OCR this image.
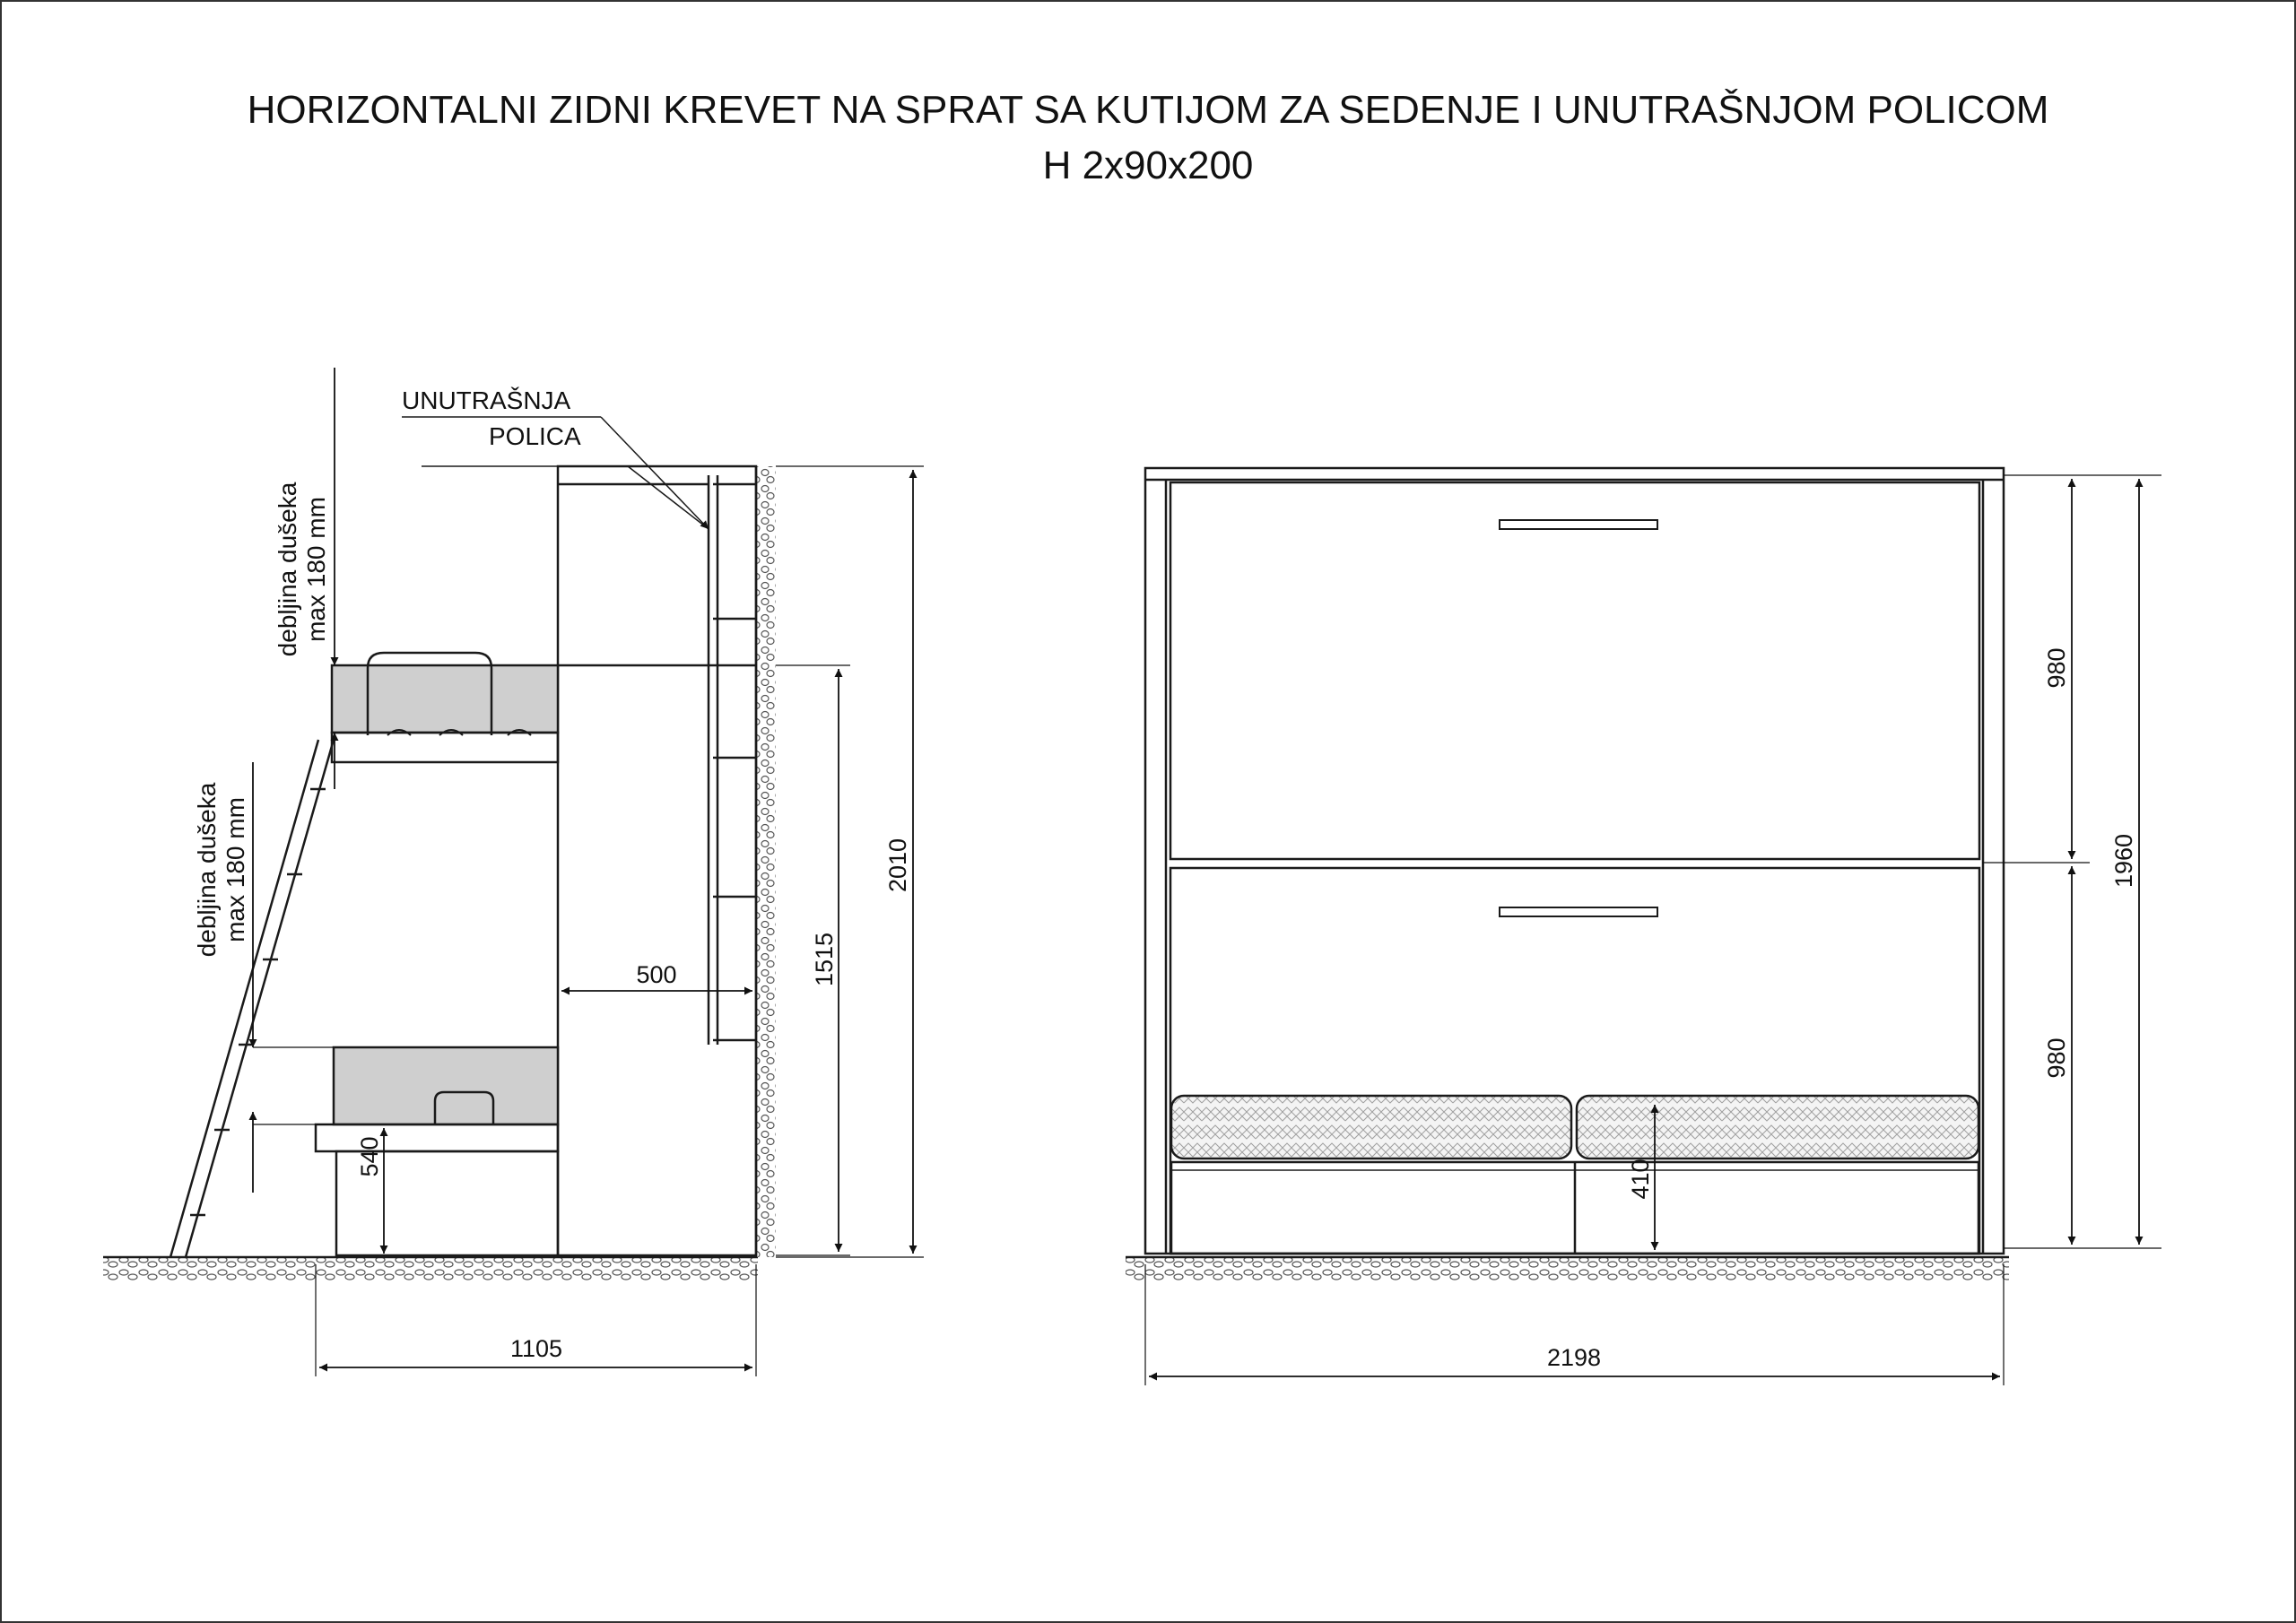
HORIZONTALNI ZIDNI KREVET NA SPRAT SA KUTIJOM ZA SEDENJE I UNUTRAŠNJOM POLICOM
H 2x90x200
UNUTRAŠNJA
POLICA
debljina dušeka max 180 mm
debljina dušeka max 180 mm
1105
500	1515
2010
540
2198
980
980
1960
410
